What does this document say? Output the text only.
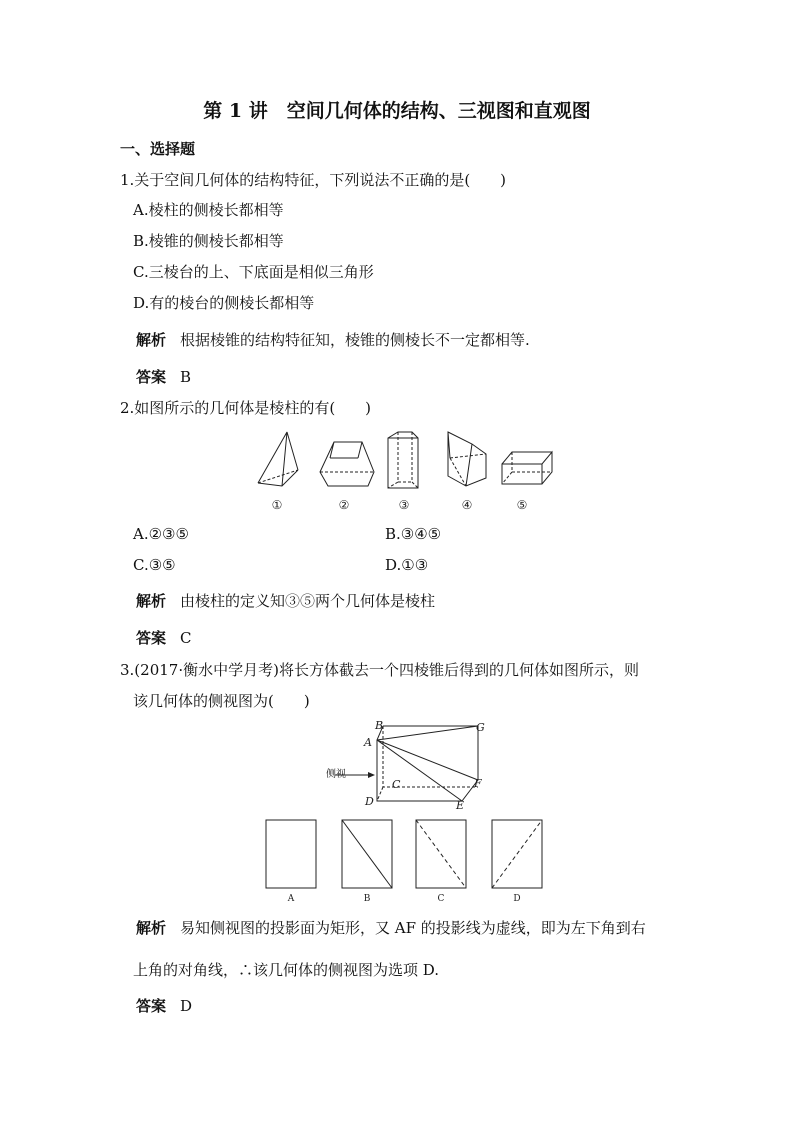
第 1 讲　空间几何体的结构、三视图和直观图
一、选择题
1.关于空间几何体的结构特征，下列说法不正确的是(　　)
A.棱柱的侧棱长都相等
B.棱锥的侧棱长都相等
C.三棱台的上、下底面是相似三角形
D.有的棱台的侧棱长都相等
解析 根据棱锥的结构特征知，棱锥的侧棱长不一定都相等.
答案 B
2.如图所示的几何体是棱柱的有(　　)
①	②	③	④	⑤
A.②③⑤	B.③④⑤
C.③⑤	D.①③
解析 由棱柱的定义知③⑤两个几何体是棱柱
答案 C
3.(2017·衡水中学月考)将长方体截去一个四棱锥后得到的几何体如图所示，则
该几何体的侧视图为(　　)
B
A
C
D	E
F
G
侧视
A	B	C	D
解析 易知侧视图的投影面为矩形，又 AF 的投影线为虚线，即为左下角到右
上角的对角线，∴该几何体的侧视图为选项 D.
答案 D
